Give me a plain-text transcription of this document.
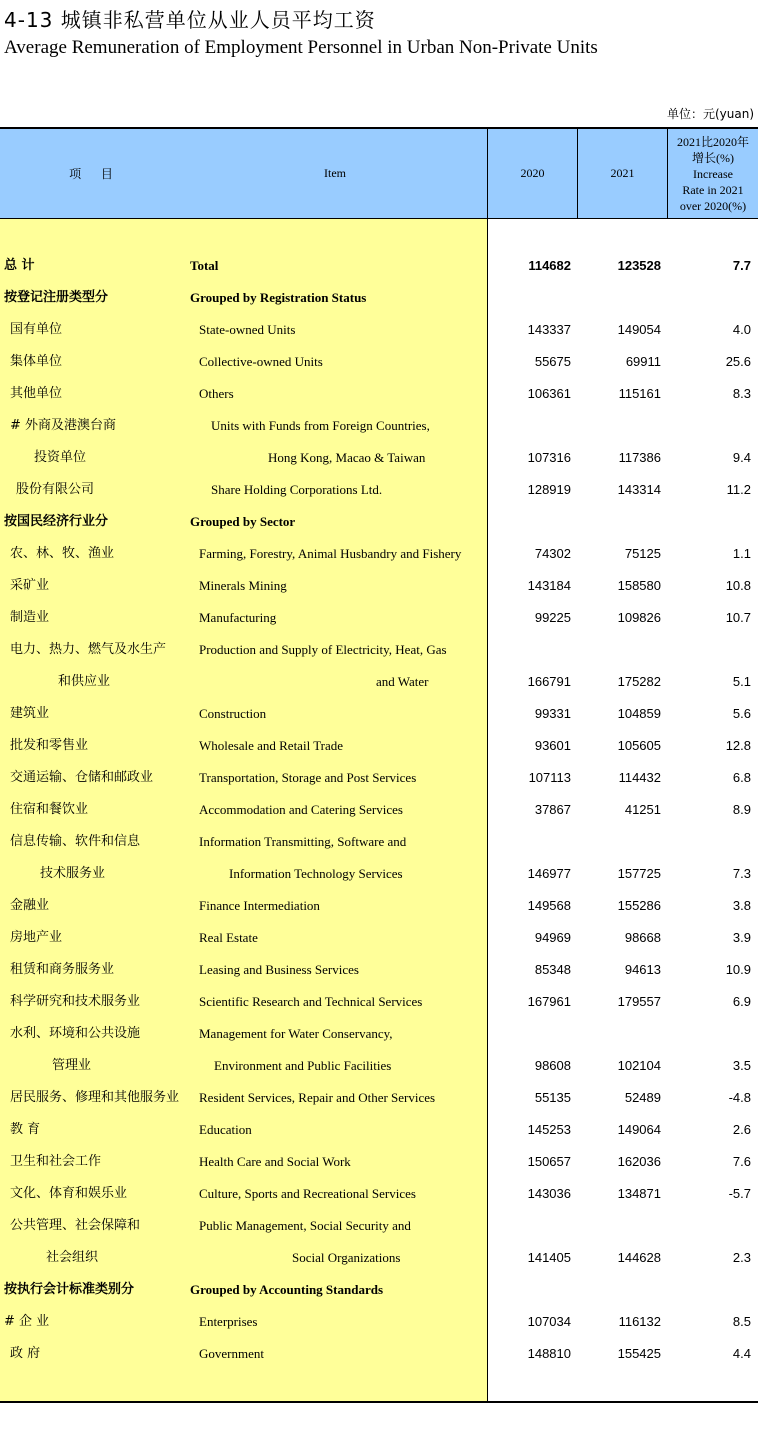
4-13 城镇非私营单位从业人员平均工资
Average Remuneration of Employment Personnel in Urban Non-Private Units
单位：元(yuan)
项 目	Item	2020	2021
2021比2020年
增长(%)
Increase
Rate in 2021
over 2020(%)
总 计	Total	114682	123528	7.7
按登记注册类型分	Grouped by Registration Status
国有单位	State-owned Units	143337	149054	4.0
集体单位	Collective-owned Units	55675	69911	25.6
其他单位	Others	106361	115161	8.3
# 外商及港澳台商	Units with Funds from Foreign Countries,
投资单位	Hong Kong, Macao & Taiwan	107316	117386	9.4
股份有限公司	Share Holding Corporations Ltd.	128919	143314	11.2
按国民经济行业分	Grouped by Sector
农、林、牧、渔业	Farming, Forestry, Animal Husbandry and Fishery	74302	75125	1.1
采矿业	Minerals Mining	143184	158580	10.8
制造业	Manufacturing	99225	109826	10.7
电力、热力、燃气及水生产	Production and Supply of Electricity, Heat, Gas
和供应业	and Water	166791	175282	5.1
建筑业	Construction	99331	104859	5.6
批发和零售业	Wholesale and Retail Trade	93601	105605	12.8
交通运输、仓储和邮政业	Transportation, Storage and Post Services	107113	114432	6.8
住宿和餐饮业	Accommodation and Catering Services	37867	41251	8.9
信息传输、软件和信息	Information Transmitting, Software and
技术服务业	Information Technology Services	146977	157725	7.3
金融业	Finance Intermediation	149568	155286	3.8
房地产业	Real Estate	94969	98668	3.9
租赁和商务服务业	Leasing and Business Services	85348	94613	10.9
科学研究和技术服务业	Scientific Research and Technical Services	167961	179557	6.9
水利、环境和公共设施	Management for Water Conservancy,
管理业	Environment and Public Facilities	98608	102104	3.5
居民服务、修理和其他服务业 Resident Services, Repair and Other Services	55135	52489	-4.8
教 育	Education	145253	149064	2.6
卫生和社会工作	Health Care and Social Work	150657	162036	7.6
文化、体育和娱乐业	Culture, Sports and Recreational Services	143036	134871	-5.7
公共管理、社会保障和	Public Management, Social Security and
社会组织	Social Organizations	141405	144628	2.3
按执行会计标准类别分	Grouped by Accounting Standards
# 企 业	Enterprises	107034	116132	8.5
政 府	Government	148810	155425	4.4
